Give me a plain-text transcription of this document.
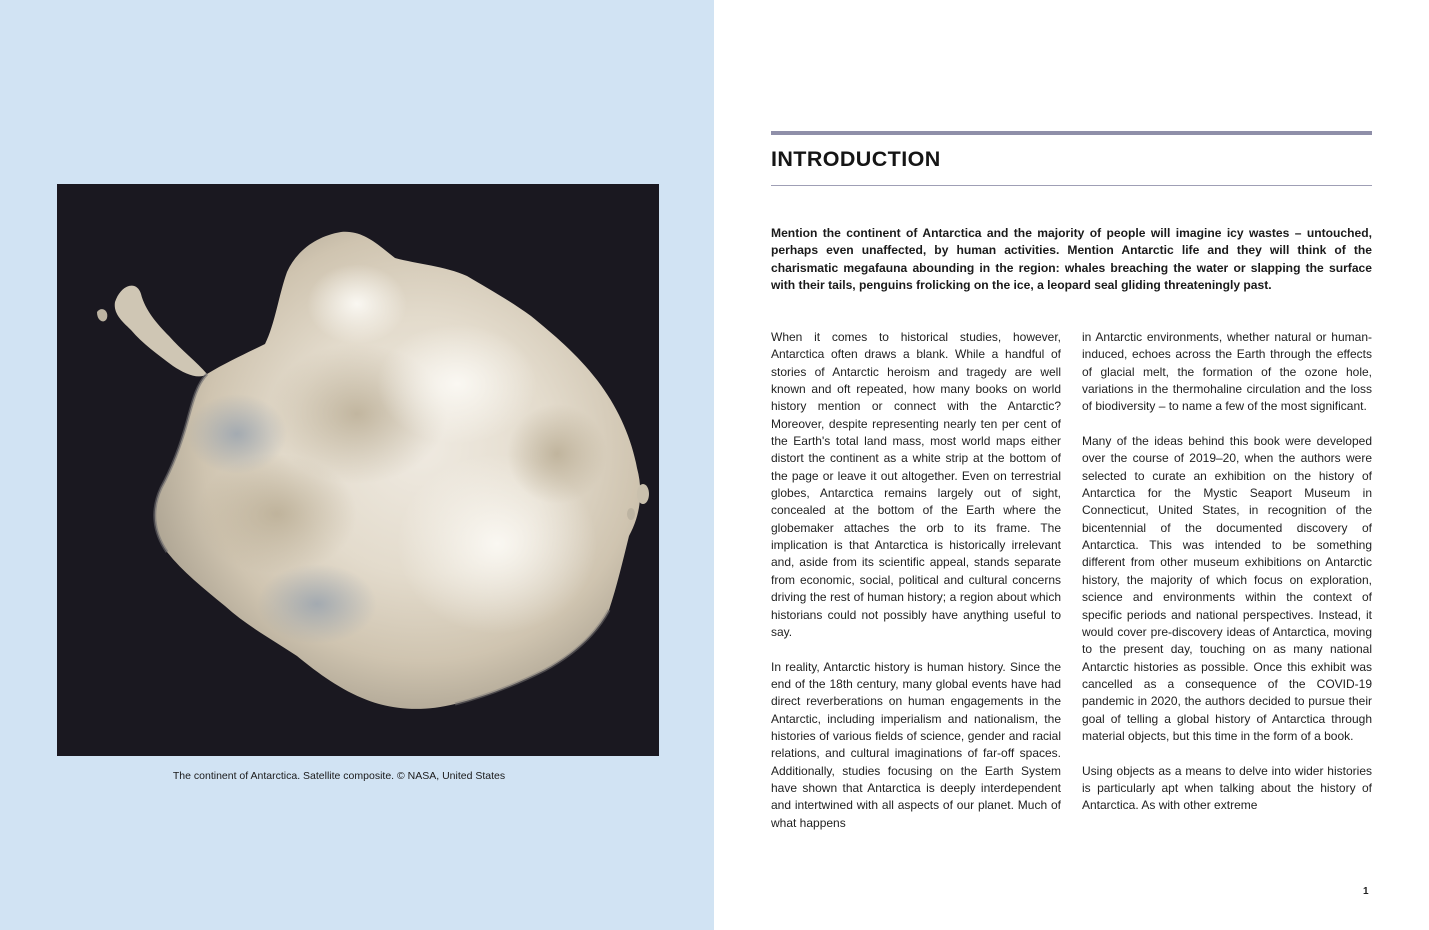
The continent of Antarctica. Satellite composite. © NASA, United States
INTRODUCTION
Mention the continent of Antarctica and the majority of people will imagine icy wastes – untouched, perhaps even unaffected, by human activities. Mention Antarctic life and they will think of the charismatic megafauna abounding in the region: whales breaching the water or slapping the surface with their tails, penguins frolicking on the ice, a leopard seal gliding threateningly past.

When it comes to historical studies, however, Antarctica often draws a blank. While a handful of stories of Antarctic heroism and tragedy are well known and oft repeated, how many books on world history mention or connect with the Antarctic? Moreover, despite representing nearly ten per cent of the Earth's total land mass, most world maps either distort the continent as a white strip at the bottom of the page or leave it out altogether. Even on terrestrial globes, Antarctica remains largely out of sight, concealed at the bottom of the Earth where the globemaker attaches the orb to its frame. The implication is that Antarctica is historically irrelevant and, aside from its scientific appeal, stands separate from economic, social, political and cultural concerns driving the rest of human history; a region about which historians could not possibly have anything useful to say.

In reality, Antarctic history is human history. Since the end of the 18th century, many global events have had direct reverberations on human engagements in the Antarctic, including imperialism and nationalism, the histories of various fields of science, gender and racial relations, and cultural imaginations of far-off spaces. Additionally, studies focusing on the Earth System have shown that Antarctica is deeply interdependent and intertwined with all aspects of our planet. Much of what happens

in Antarctic environments, whether natural or human-induced, echoes across the Earth through the effects of glacial melt, the formation of the ozone hole, variations in the thermohaline circulation and the loss of biodiversity – to name a few of the most significant.

Many of the ideas behind this book were developed over the course of 2019–20, when the authors were selected to curate an exhibition on the history of Antarctica for the Mystic Seaport Museum in Connecticut, United States, in recognition of the bicentennial of the documented discovery of Antarctica. This was intended to be something different from other museum exhibitions on Antarctic history, the majority of which focus on exploration, science and environments within the context of specific periods and national perspectives. Instead, it would cover pre-discovery ideas of Antarctica, moving to the present day, touching on as many national Antarctic histories as possible. Once this exhibit was cancelled as a consequence of the COVID-19 pandemic in 2020, the authors decided to pursue their goal of telling a global history of Antarctica through material objects, but this time in the form of a book.

Using objects as a means to delve into wider histories is particularly apt when talking about the history of Antarctica. As with other extreme

1
